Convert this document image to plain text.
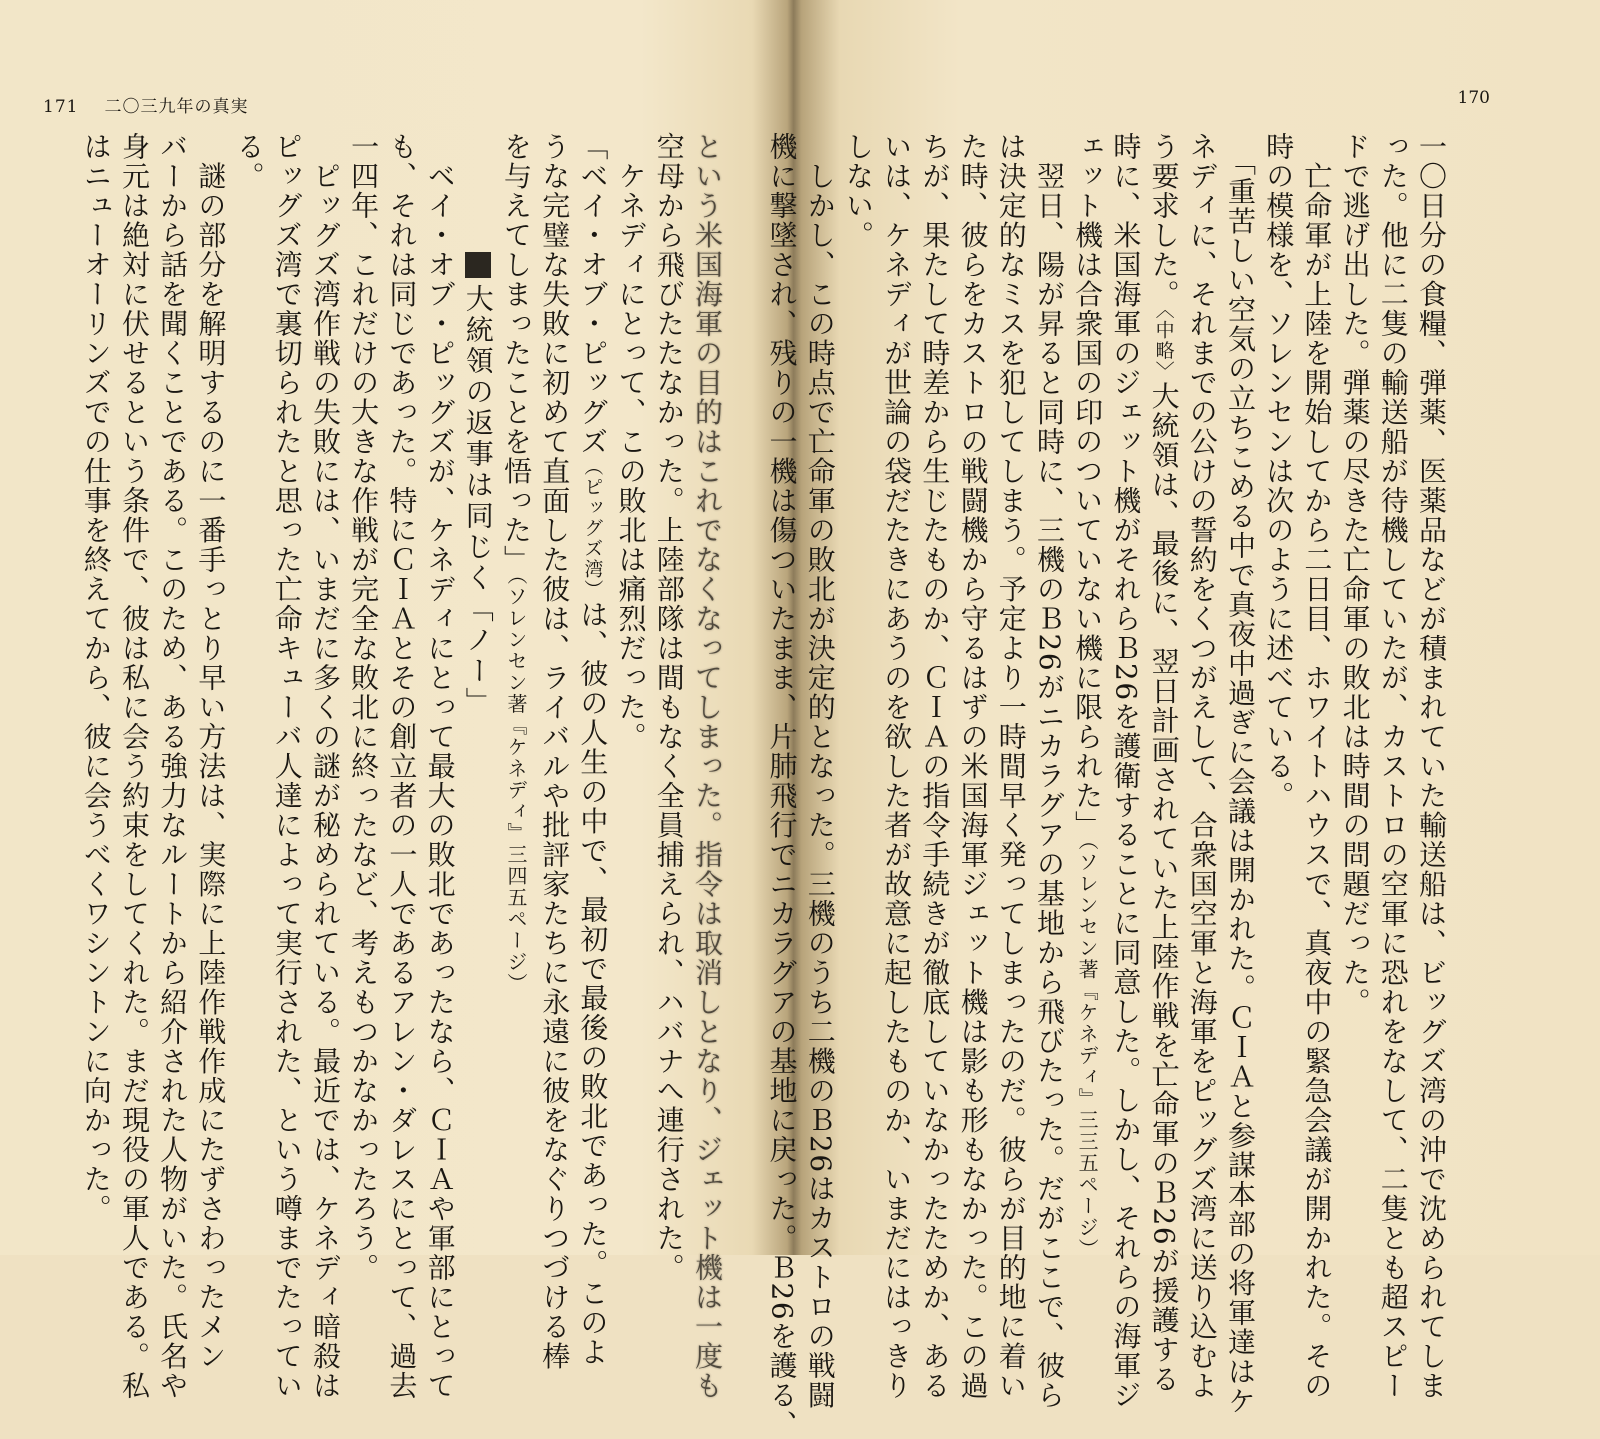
171 二〇三九年の真実
という米国海軍の目的はこれでなくなってしまった。指令は取消しとなり、ジェット機は一度も
空母から飛びたたなかった。上陸部隊は間もなく全員捕えられ、ハバナへ連行された。
　ケネディにとって、この敗北は痛烈だった。
「ベイ・オブ・ピッグズ（ピッグズ湾）は、彼の人生の中で、最初で最後の敗北であった。このよ
うな完璧な失敗に初めて直面した彼は、ライバルや批評家たちに永遠に彼をなぐりつづける棒
を与えてしまったことを悟った」（ソレンセン著『ケネディ』三四五ページ）
大統領の返事は同じく「ノー」
　ベイ・オブ・ピッグズが、ケネディにとって最大の敗北であったなら、ＣＩＡや軍部にとって
も、それは同じであった。特にＣＩＡとその創立者の一人であるアレン・ダレスにとって、過去
一四年、これだけの大きな作戦が完全な敗北に終ったなど、考えもつかなかったろう。
　ピッグズ湾作戦の失敗には、いまだに多くの謎が秘められている。最近では、ケネディ暗殺は
ピッグズ湾で裏切られたと思った亡命キューバ人達によって実行された、という噂までたってい
る。
　謎の部分を解明するのに一番手っとり早い方法は、実際に上陸作戦作成にたずさわったメン
バーから話を聞くことである。このため、ある強力なルートから紹介された人物がいた。氏名や
身元は絶対に伏せるという条件で、彼は私に会う約束をしてくれた。まだ現役の軍人である。私
はニューオーリンズでの仕事を終えてから、彼に会うべくワシントンに向かった。
170
一〇日分の食糧、弾薬、医薬品などが積まれていた輸送船は、ビッグズ湾の沖で沈められてしま
った。他に二隻の輸送船が待機していたが、カストロの空軍に恐れをなして、二隻とも超スピー
ドで逃げ出した。弾薬の尽きた亡命軍の敗北は時間の問題だった。
　亡命軍が上陸を開始してから二日目、ホワイトハウスで、真夜中の緊急会議が開かれた。その
時の模様を、ソレンセンは次のように述べている。
　「重苦しい空気の立ちこめる中で真夜中過ぎに会議は開かれた。ＣＩＡと参謀本部の将軍達はケ
ネディに、それまでの公けの誓約をくつがえして、合衆国空軍と海軍をピッグズ湾に送り込むよ
う要求した。〈中略〉大統領は、最後に、翌日計画されていた上陸作戦を亡命軍のＢ26が援護する
時に、米国海軍のジェット機がそれらＢ26を護衛することに同意した。しかし、それらの海軍ジ
ェット機は合衆国の印のついていない機に限られた」（ソレンセン著『ケネディ』三三五ページ）
　翌日、陽が昇ると同時に、三機のＢ26がニカラグアの基地から飛びたった。だがここで、彼ら
は決定的なミスを犯してしまう。予定より一時間早く発ってしまったのだ。彼らが目的地に着い
た時、彼らをカストロの戦闘機から守るはずの米国海軍ジェット機は影も形もなかった。この過
ちが、果たして時差から生じたものか、ＣＩＡの指令手続きが徹底していなかったためか、ある
いは、ケネディが世論の袋だたきにあうのを欲した者が故意に起したものか、いまだにはっきり
しない。
　しかし、この時点で亡命軍の敗北が決定的となった。三機のうち二機のＢ26はカストロの戦闘
機に撃墜され、残りの一機は傷ついたまま、片肺飛行でニカラグアの基地に戻った。Ｂ26を護る、
